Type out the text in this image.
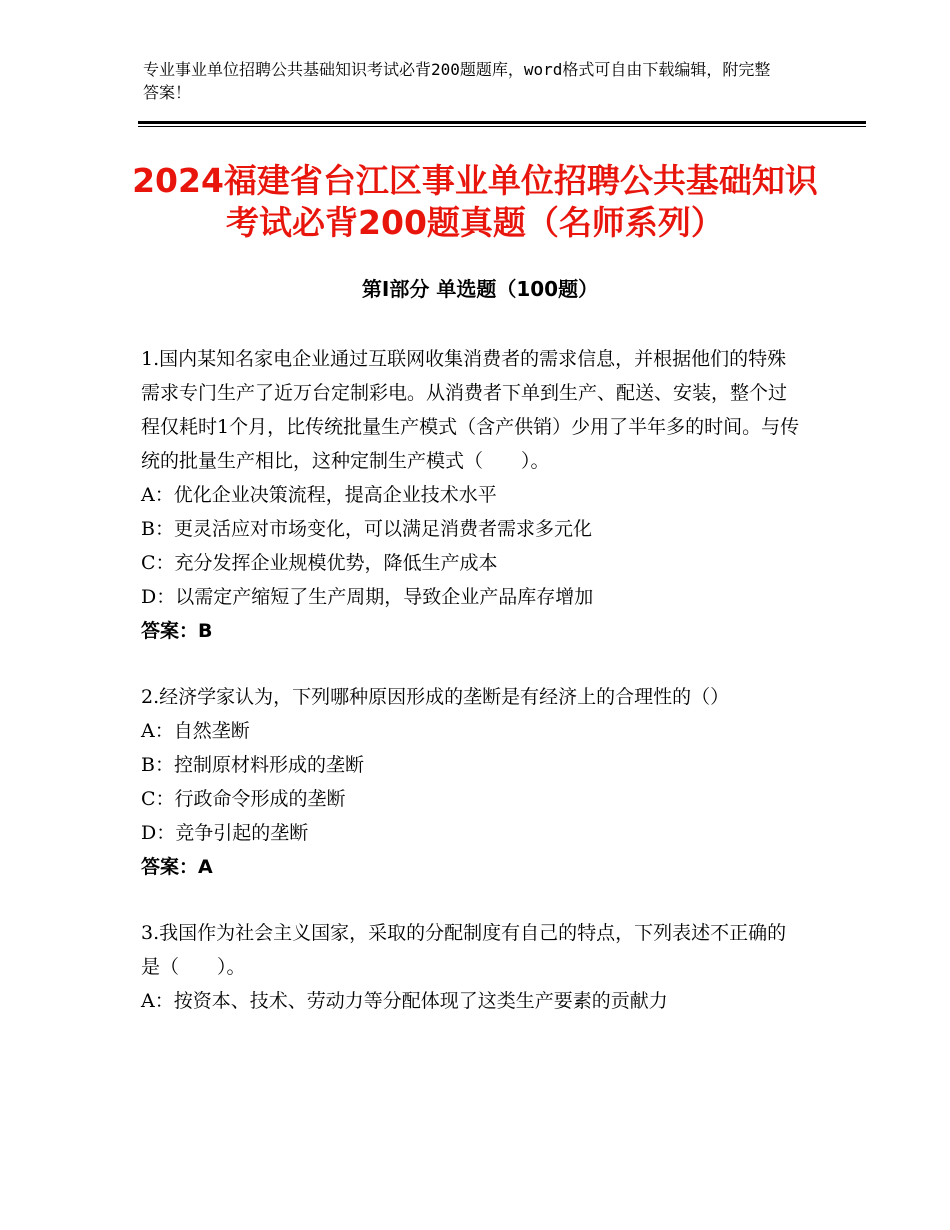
专业事业单位招聘公共基础知识考试必背200题题库，word格式可自由下载编辑，附完整答案！
2024福建省台江区事业单位招聘公共基础知识考试必背200题真题（名师系列）
第Ⅰ部分 单选题（100题）
1.国内某知名家电企业通过互联网收集消费者的需求信息，并根据他们的特殊需求专门生产了近万台定制彩电。从消费者下单到生产、配送、安装，整个过程仅耗时1个月，比传统批量生产模式（含产供销）少用了半年多的时间。与传统的批量生产相比，这种定制生产模式（　　）。
A：优化企业决策流程，提高企业技术水平
B：更灵活应对市场变化，可以满足消费者需求多元化
C：充分发挥企业规模优势，降低生产成本
D：以需定产缩短了生产周期，导致企业产品库存增加
答案：B
2.经济学家认为，下列哪种原因形成的垄断是有经济上的合理性的（）
A：自然垄断
B：控制原材料形成的垄断
C：行政命令形成的垄断
D：竞争引起的垄断
答案：A
3.我国作为社会主义国家，采取的分配制度有自己的特点，下列表述不正确的是（　　）。
A：按资本、技术、劳动力等分配体现了这类生产要素的贡献力
